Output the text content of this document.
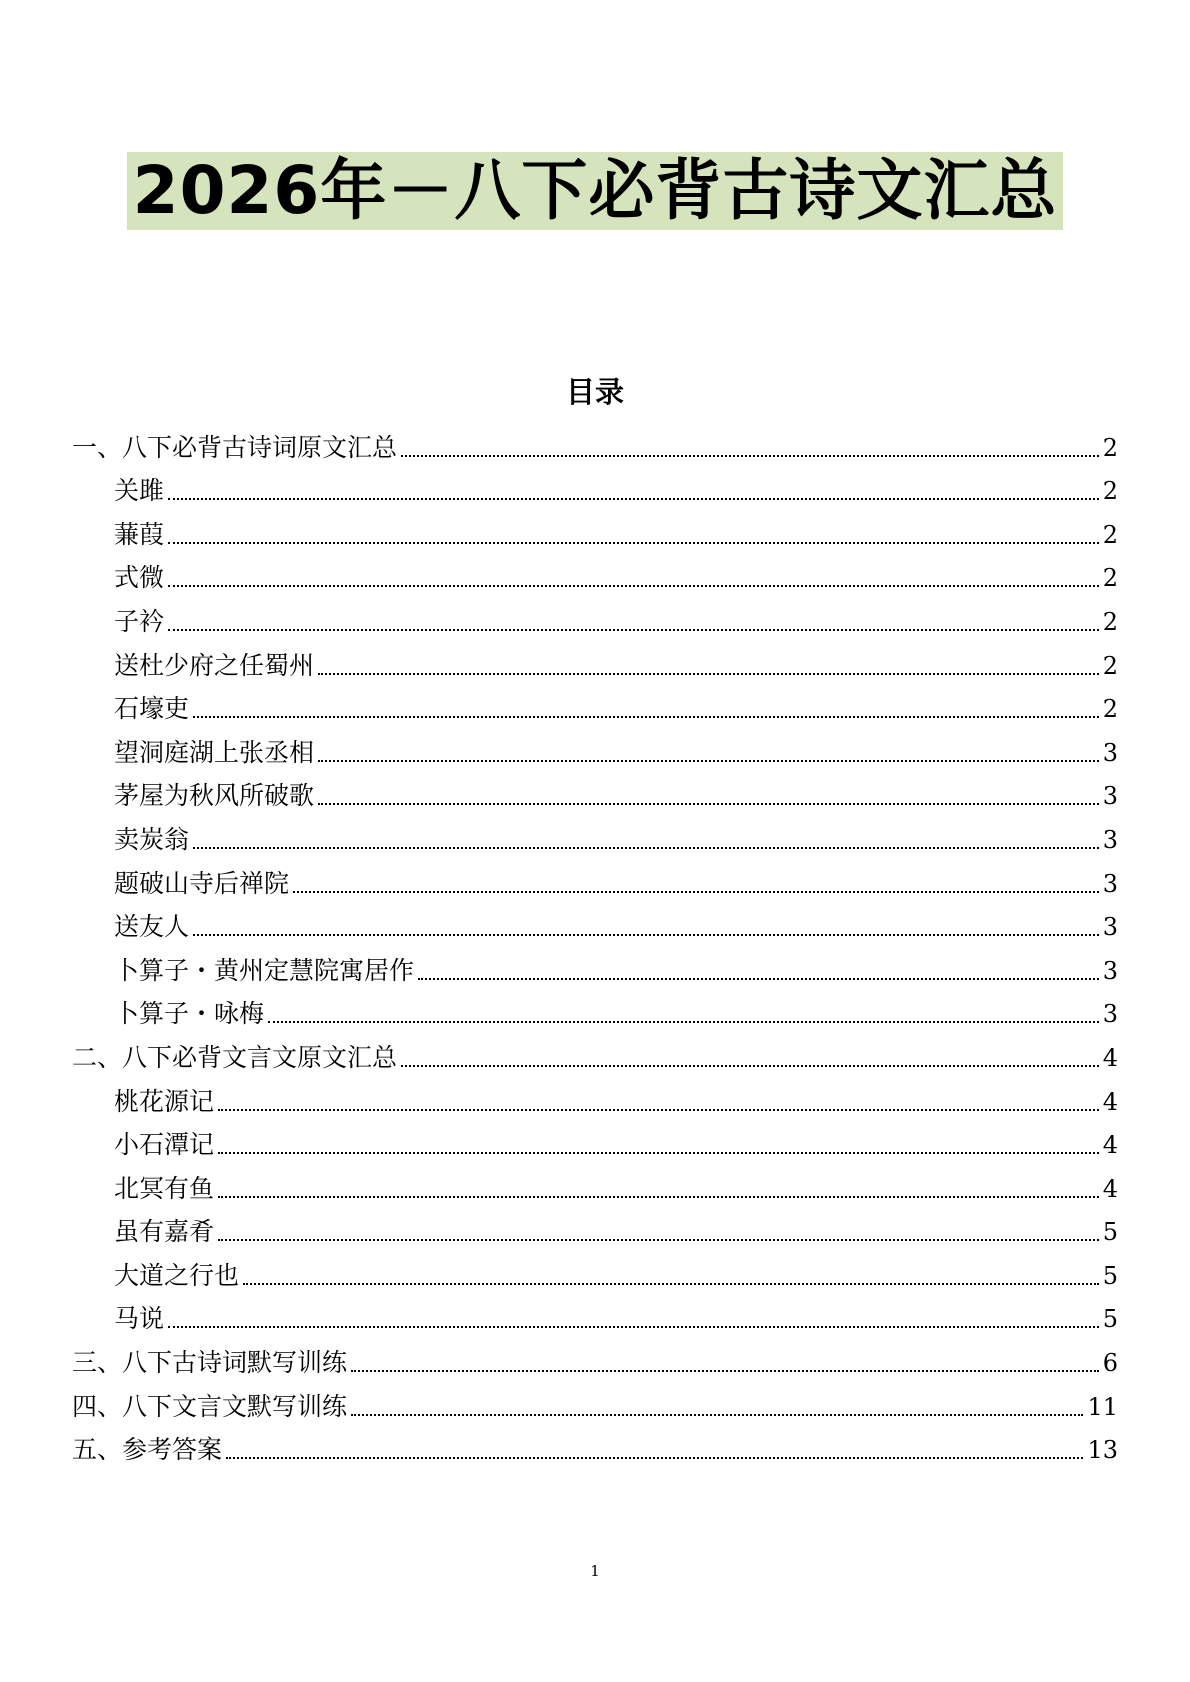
2026年－八下必背古诗文汇总
目录
一、八下必背古诗词原文汇总	2
关雎	2
蒹葭	2
式微	2
子衿	2
送杜少府之任蜀州	2
石壕吏	2
望洞庭湖上张丞相	3
茅屋为秋风所破歌	3
卖炭翁	3
题破山寺后禅院	3
送友人	3
卜算子・黄州定慧院寓居作	3
卜算子・咏梅	3
二、八下必背文言文原文汇总	4
桃花源记	4
小石潭记	4
北冥有鱼	4
虽有嘉肴	5
大道之行也	5
马说	5
三、八下古诗词默写训练	6
四、八下文言文默写训练	11
五、参考答案	13
1
